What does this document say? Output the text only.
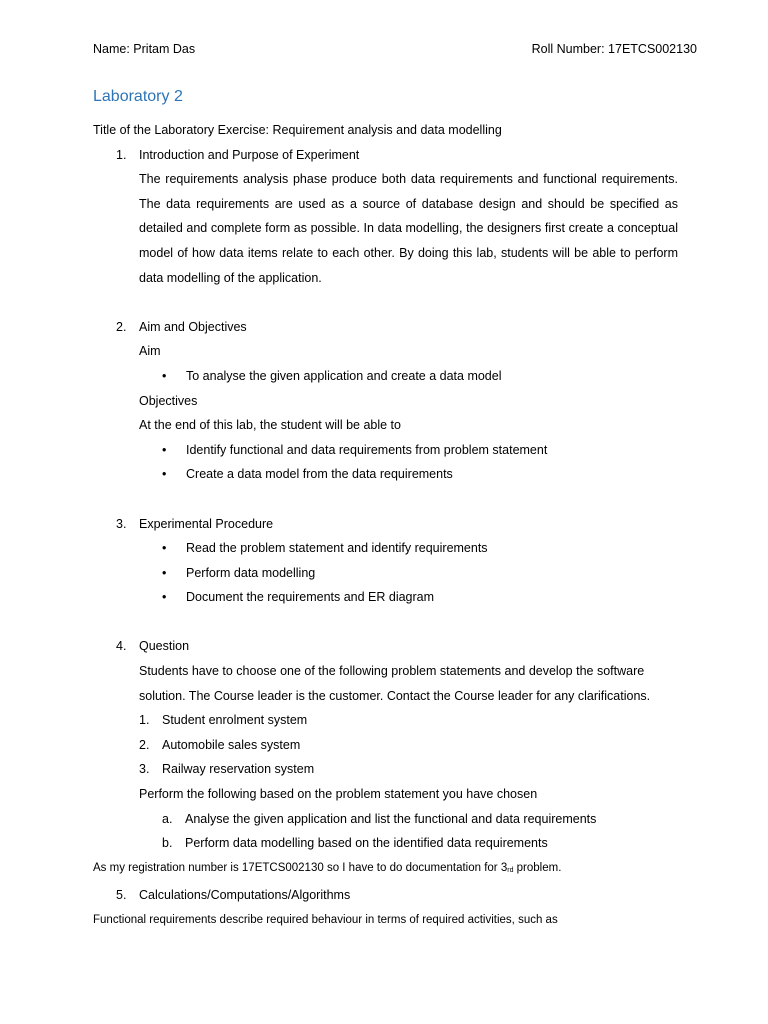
Name: Pritam Das	Roll Number: 17ETCS002130
Laboratory 2
Title of the Laboratory Exercise: Requirement analysis and data modelling
1. Introduction and Purpose of Experiment
The requirements analysis phase produce both data requirements and functional requirements. The data requirements are used as a source of database design and should be specified as detailed and complete form as possible. In data modelling, the designers first create a conceptual model of how data items relate to each other. By doing this lab, students will be able to perform data modelling of the application.
2. Aim and Objectives
Aim
•	To analyse the given application and create a data model
Objectives
At the end of this lab, the student will be able to
•	Identify functional and data requirements from problem statement
•	Create a data model from the data requirements
3. Experimental Procedure
•	Read the problem statement and identify requirements
•	Perform data modelling
•	Document the requirements and ER diagram
4. Question
Students have to choose one of the following problem statements and develop the software
solution. The Course leader is the customer. Contact the Course leader for any clarifications.
1. Student enrolment system
2. Automobile sales system
3. Railway reservation system
Perform the following based on the problem statement you have chosen
a. Analyse the given application and list the functional and data requirements
b. Perform data modelling based on the identified data requirements
As my registration number is 17ETCS002130 so I have to do documentation for 3rd problem.
5. Calculations/Computations/Algorithms
Functional requirements describe required behaviour in terms of required activities, such as
